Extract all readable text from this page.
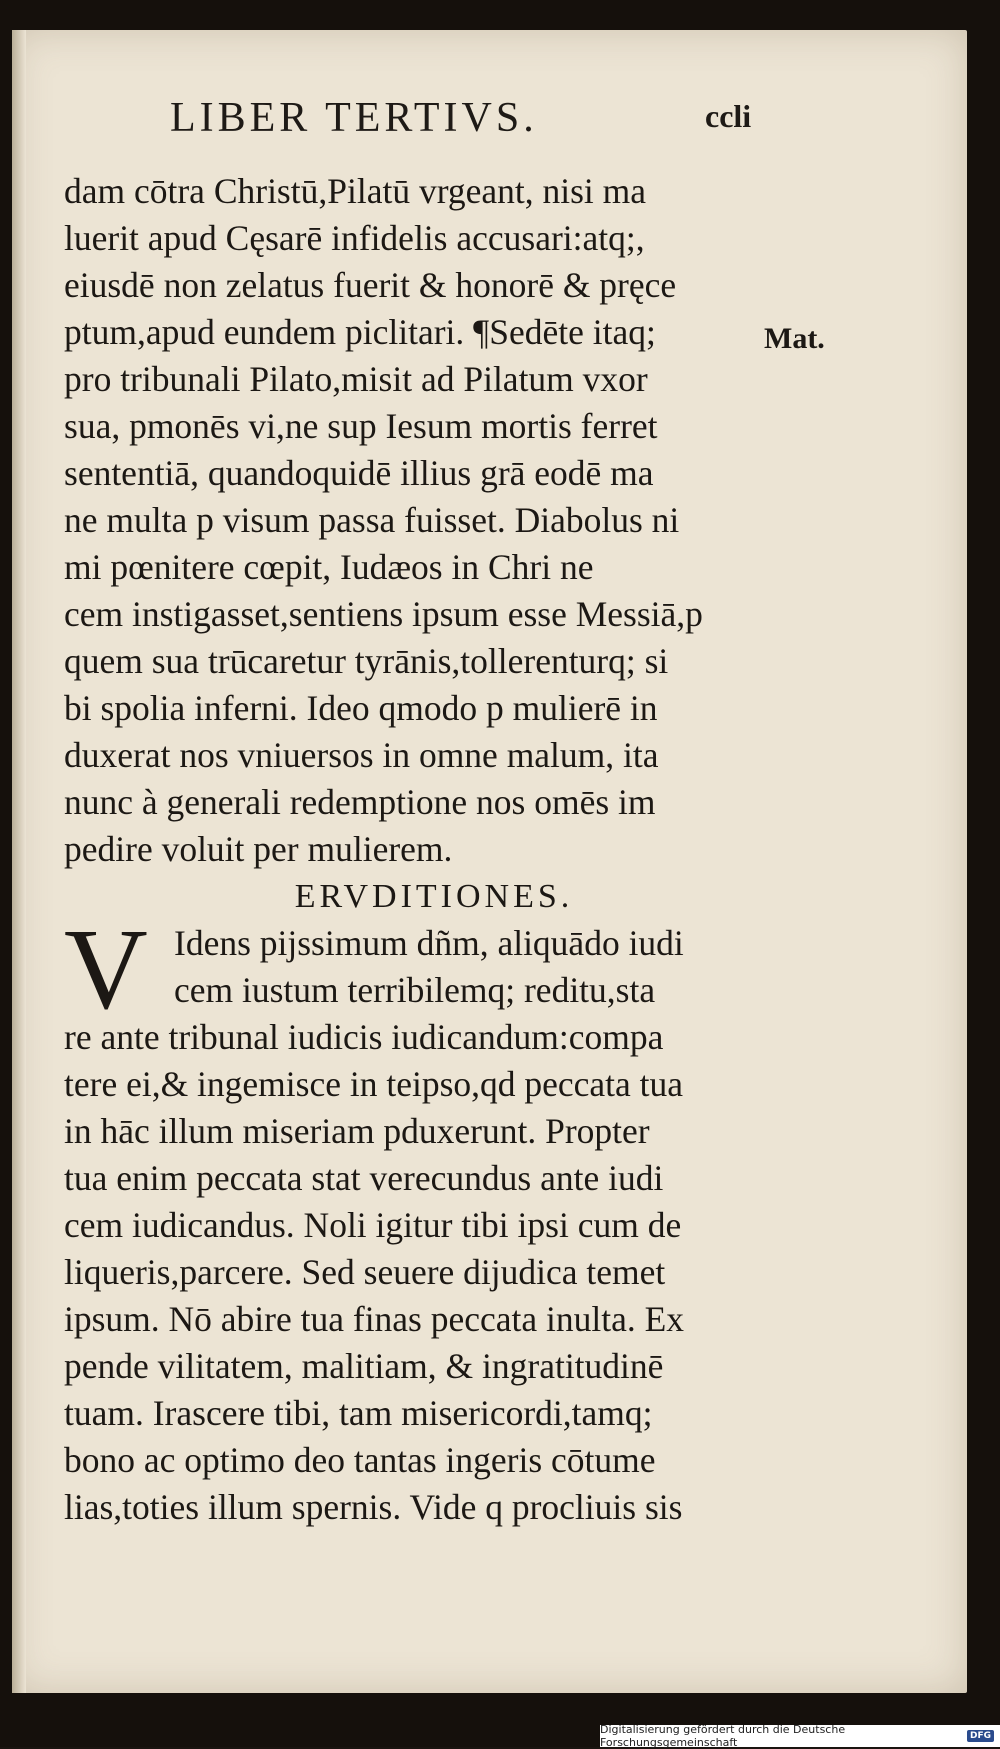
LIBER TERTIVS.	ccli
Mat.
dam cōtra Christū,Pilatū vrgeant, nisi ma
luerit apud Cęsarē infidelis accusari:atq;,
eiusdē non zelatus fuerit & honorē & pręce
ptum,apud eundem piclitari. ¶Sedēte itaq;
pro tribunali Pilato,misit ad Pilatum vxor
sua, pmonēs vi,ne sup Iesum mortis ferret
sententiā, quandoquidē illius grā eodē ma
ne multa p visum passa fuisset. Diabolus ni
mi pœnitere cœpit, Iudæos in Chri ne
cem instigasset,sentiens ipsum esse Messiā,p
quem sua trūcaretur tyrānis,tollerenturq; si
bi spolia inferni. Ideo qmodo p mulierē in
duxerat nos vniuersos in omne malum, ita
nunc à generali redemptione nos omēs im
pedire voluit per mulierem.
ERVDITIONES.
V Idens pijssimum dñm, aliquādo iudi
cem iustum terribilemq; reditu,sta
re ante tribunal iudicis iudicandum:compa
tere ei,& ingemisce in teipso,qd peccata tua
in hāc illum miseriam pduxerunt. Propter
tua enim peccata stat verecundus ante iudi
cem iudicandus. Noli igitur tibi ipsi cum de
liqueris,parcere. Sed seuere dijudica temet
ipsum. Nō abire tua finas peccata inulta. Ex
pende vilitatem, malitiam, & ingratitudinē
tuam. Irascere tibi, tam misericordi,tamq;
bono ac optimo deo tantas ingeris cōtume
lias,toties illum spernis. Vide q procliuis sis
Digitalisierung gefördert durch die Deutsche Forschungsgemeinschaft	DFG
